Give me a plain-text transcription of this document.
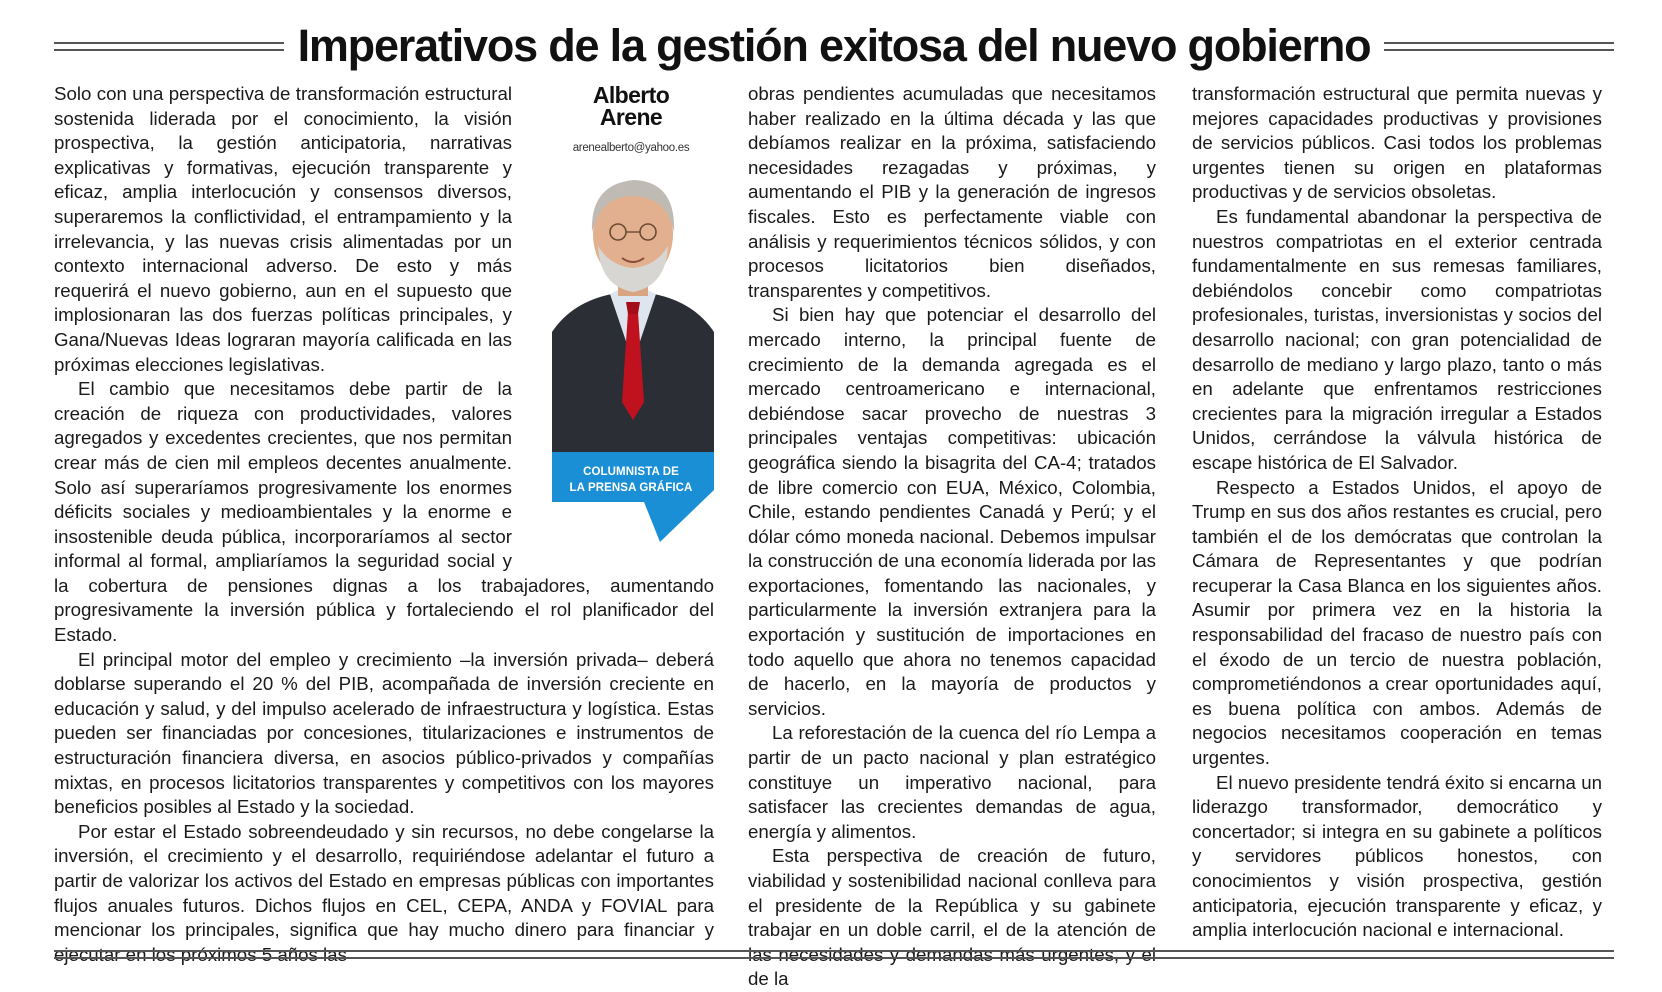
Imperativos de la gestión exitosa del nuevo gobierno
Alberto
Arene
arenealberto@yahoo.es
COLUMNISTA DE
LA PRENSA GRÁFICA

Solo con una perspectiva de transformación estructural sostenida liderada por el conocimiento, la visión prospectiva, la gestión anticipatoria, narrativas explicativas y formativas, ejecución transparente y eficaz, amplia interlocución y consensos diversos, superaremos la conflictividad, el entrampamiento y la irrelevancia, y las nuevas crisis alimentadas por un contexto internacional adverso. De esto y más requerirá el nuevo gobierno, aun en el supuesto que implosionaran las dos fuerzas políticas principales, y Gana/Nuevas Ideas lograran mayoría calificada en las próximas elecciones legislativas.

El cambio que necesitamos debe partir de la creación de riqueza con productividades, valores agregados y excedentes crecientes, que nos permitan crear más de cien mil empleos decentes anualmente. Solo así superaríamos progresivamente los enormes déficits sociales y medioambientales y la enorme e insostenible deuda pública, incorporaríamos al sector informal al formal, ampliaríamos la seguridad social y la cobertura de pensiones dignas a los trabajadores, aumentando progresivamente la inversión pública y fortaleciendo el rol planificador del Estado.

El principal motor del empleo y crecimiento –la inversión privada– deberá doblarse superando el 20 % del PIB, acompañada de inversión creciente en educación y salud, y del impulso acelerado de infraestructura y logística. Estas pueden ser financiadas por concesiones, titularizaciones e instrumentos de estructuración financiera diversa, en asocios público-privados y compañías mixtas, en procesos licitatorios transparentes y competitivos con los mayores beneficios posibles al Estado y la sociedad.

Por estar el Estado sobreendeudado y sin recursos, no debe congelarse la inversión, el crecimiento y el desarrollo, requiriéndose adelantar el futuro a partir de valorizar los activos del Estado en empresas públicas con importantes flujos anuales futuros. Dichos flujos en CEL, CEPA, ANDA y FOVIAL para mencionar los principales, significa que hay mucho dinero para financiar y ejecutar en los próximos 5 años las

obras pendientes acumuladas que necesitamos haber realizado en la última década y las que debíamos realizar en la próxima, satisfaciendo necesidades rezagadas y próximas, y aumentando el PIB y la generación de ingresos fiscales. Esto es perfectamente viable con análisis y requerimientos técnicos sólidos, y con procesos licitatorios bien diseñados, transparentes y competitivos.

Si bien hay que potenciar el desarrollo del mercado interno, la principal fuente de crecimiento de la demanda agregada es el mercado centroamericano e internacional, debiéndose sacar provecho de nuestras 3 principales ventajas competitivas: ubicación geográfica siendo la bisagrita del CA-4; tratados de libre comercio con EUA, México, Colombia, Chile, estando pendientes Canadá y Perú; y el dólar cómo moneda nacional. Debemos impulsar la construcción de una economía liderada por las exportaciones, fomentando las nacionales, y particularmente la inversión extranjera para la exportación y sustitución de importaciones en todo aquello que ahora no tenemos capacidad de hacerlo, en la mayoría de productos y servicios.

La reforestación de la cuenca del río Lempa a partir de un pacto nacional y plan estratégico constituye un imperativo nacional, para satisfacer las crecientes demandas de agua, energía y alimentos.

Esta perspectiva de creación de futuro, viabilidad y sostenibilidad nacional conlleva para el presidente de la República y su gabinete trabajar en un doble carril, el de la atención de las necesidades y demandas más urgentes, y el de la

transformación estructural que permita nuevas y mejores capacidades productivas y provisiones de servicios públicos. Casi todos los problemas urgentes tienen su origen en plataformas productivas y de servicios obsoletas.

Es fundamental abandonar la perspectiva de nuestros compatriotas en el exterior centrada fundamentalmente en sus remesas familiares, debiéndolos concebir como compatriotas profesionales, turistas, inversionistas y socios del desarrollo nacional; con gran potencialidad de desarrollo de mediano y largo plazo, tanto o más en adelante que enfrentamos restricciones crecientes para la migración irregular a Estados Unidos, cerrándose la válvula histórica de escape histórica de El Salvador.

Respecto a Estados Unidos, el apoyo de Trump en sus dos años restantes es crucial, pero también el de los demócratas que controlan la Cámara de Representantes y que podrían recuperar la Casa Blanca en los siguientes años. Asumir por primera vez en la historia la responsabilidad del fracaso de nuestro país con el éxodo de un tercio de nuestra población, comprometiéndonos a crear oportunidades aquí, es buena política con ambos. Además de negocios necesitamos cooperación en temas urgentes.

El nuevo presidente tendrá éxito si encarna un liderazgo transformador, democrático y concertador; si integra en su gabinete a políticos y servidores públicos honestos, con conocimientos y visión prospectiva, gestión anticipatoria, ejecución transparente y eficaz, y amplia interlocución nacional e internacional.
